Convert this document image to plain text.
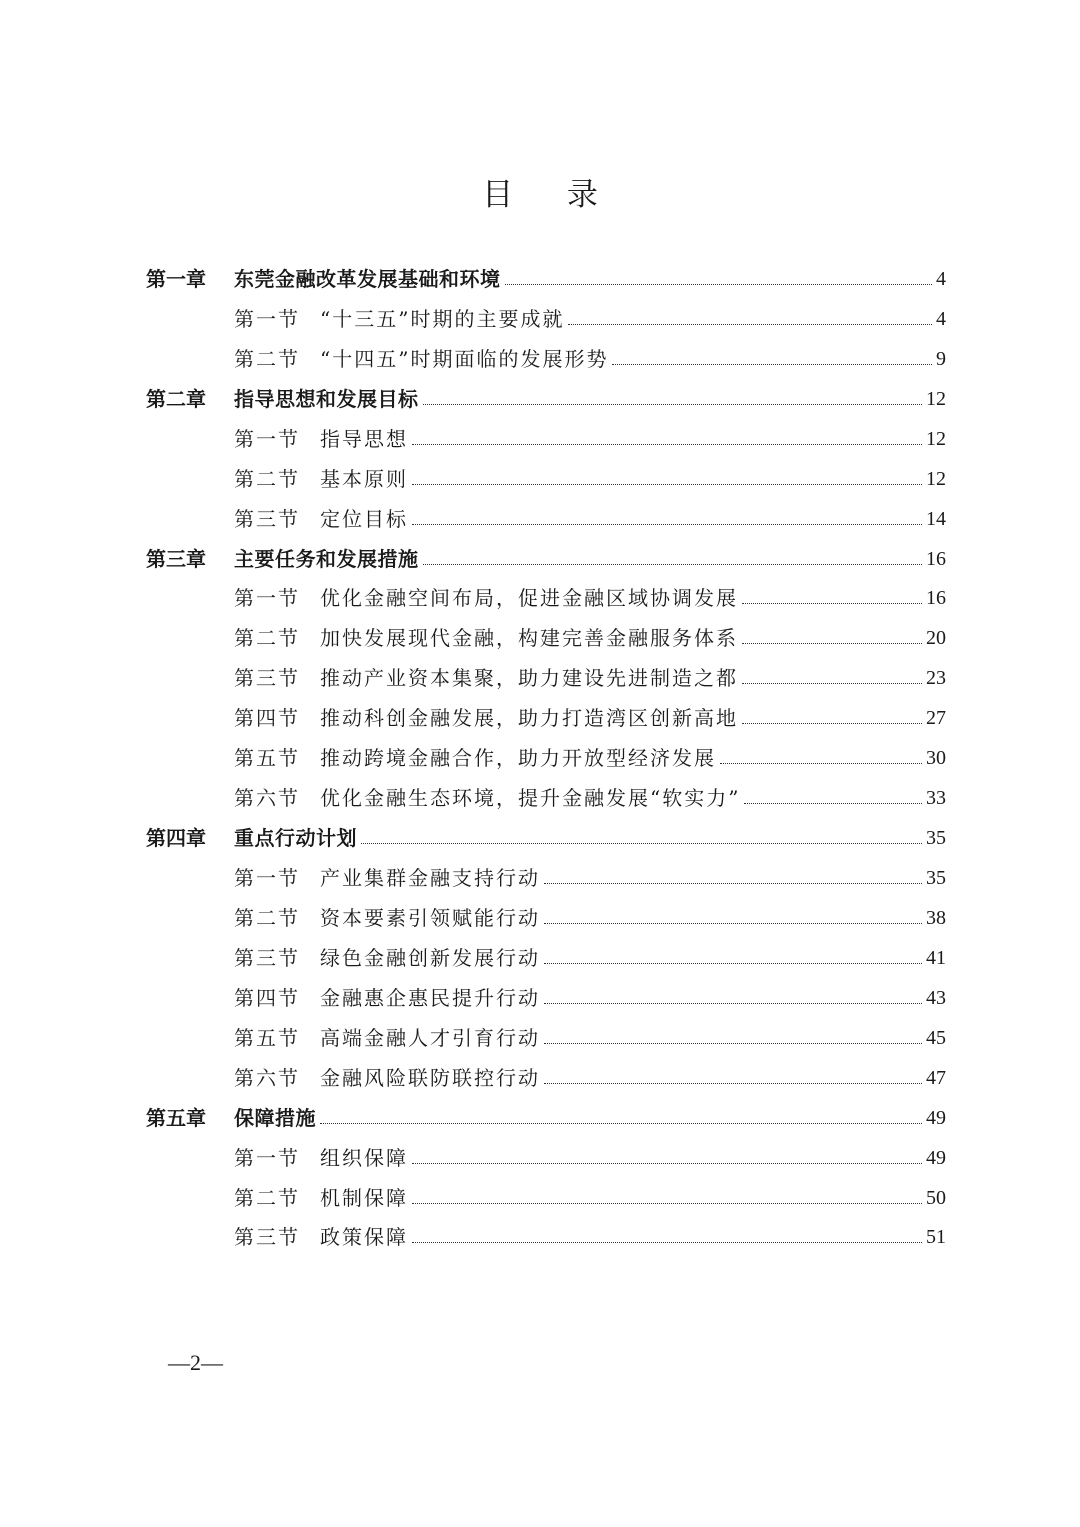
目 录
第一章	东莞金融改革发展基础和环境	4
第一节	“十三五”时期的主要成就	4
第二节	“十四五”时期面临的发展形势	9
第二章	指导思想和发展目标	12
第一节	指导思想	12
第二节	基本原则	12
第三节	定位目标	14
第三章	主要任务和发展措施	16
第一节	优化金融空间布局，促进金融区域协调发展	16
第二节	加快发展现代金融，构建完善金融服务体系	20
第三节	推动产业资本集聚，助力建设先进制造之都	23
第四节	推动科创金融发展，助力打造湾区创新高地	27
第五节	推动跨境金融合作，助力开放型经济发展	30
第六节	优化金融生态环境，提升金融发展“软实力”	33
第四章	重点行动计划	35
第一节	产业集群金融支持行动	35
第二节	资本要素引领赋能行动	38
第三节	绿色金融创新发展行动	41
第四节	金融惠企惠民提升行动	43
第五节	高端金融人才引育行动	45
第六节	金融风险联防联控行动	47
第五章	保障措施	49
第一节	组织保障	49
第二节	机制保障	50
第三节	政策保障	51
—2—
